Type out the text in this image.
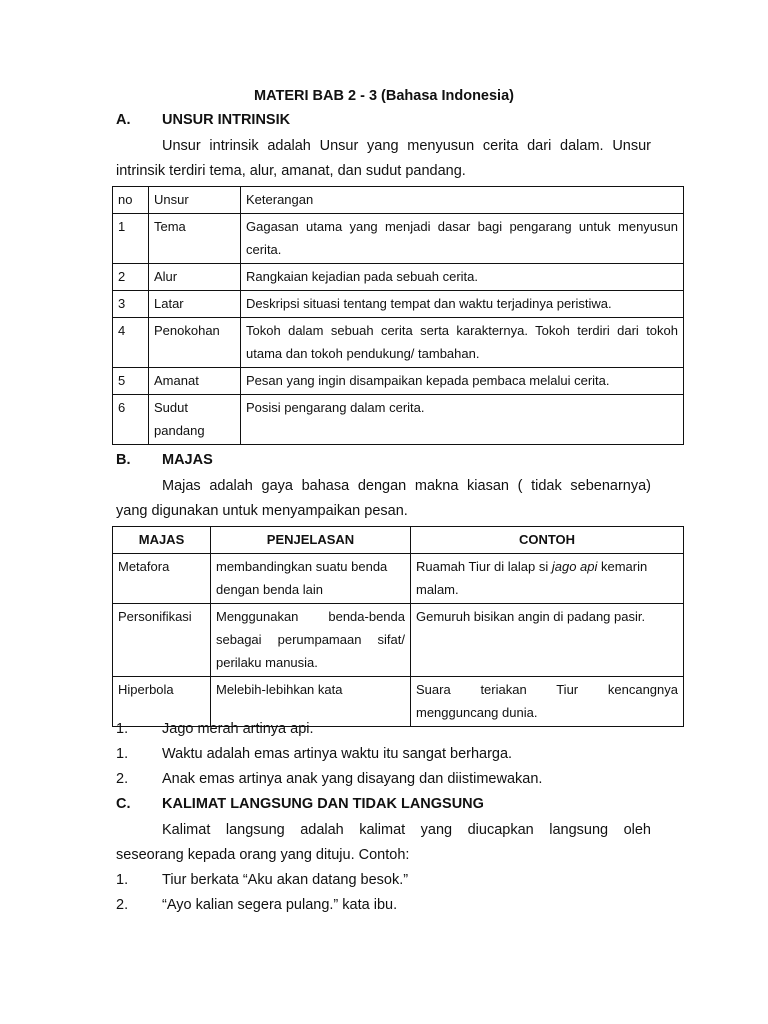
MATERI BAB 2 - 3 (Bahasa Indonesia)
A. UNSUR INTRINSIK
Unsur intrinsik adalah Unsur yang menyusun cerita dari dalam. Unsur
intrinsik terdiri tema, alur, amanat, dan sudut pandang.
no	Unsur	Keterangan
1	Tema	Gagasan utama yang menjadi dasar bagi pengarang untuk menyusun cerita.
2	Alur	Rangkaian kejadian pada sebuah cerita.
3	Latar	Deskripsi situasi tentang tempat dan waktu terjadinya peristiwa.
4	Penokohan	Tokoh dalam sebuah cerita serta karakternya. Tokoh terdiri dari tokoh utama dan tokoh pendukung/ tambahan.
5	Amanat	Pesan yang ingin disampaikan kepada pembaca melalui cerita.
6	Sudut pandang	Posisi pengarang dalam cerita.
B. MAJAS
Majas adalah gaya bahasa dengan makna kiasan ( tidak sebenarnya)
yang digunakan untuk menyampaikan pesan.
MAJAS	PENJELASAN	CONTOH
Metafora	membandingkan suatu benda dengan benda lain	Ruamah Tiur di lalap si jago api kemarin malam.
Personifikasi	Menggunakan benda-benda sebagai perumpamaan sifat/ perilaku manusia.	Gemuruh bisikan angin di padang pasir.
Hiperbola	Melebih-lebihkan kata	Suara teriakan Tiur kencangnya mengguncang dunia.
1. Jago merah artinya api.
1. Waktu adalah emas artinya waktu itu sangat berharga.
2. Anak emas artinya anak yang disayang dan diistimewakan.
C. KALIMAT LANGSUNG DAN TIDAK LANGSUNG
Kalimat langsung adalah kalimat yang diucapkan langsung oleh
seseorang kepada orang yang dituju. Contoh:
1. Tiur berkata “Aku akan datang besok.”
2. “Ayo kalian segera pulang.” kata ibu.
